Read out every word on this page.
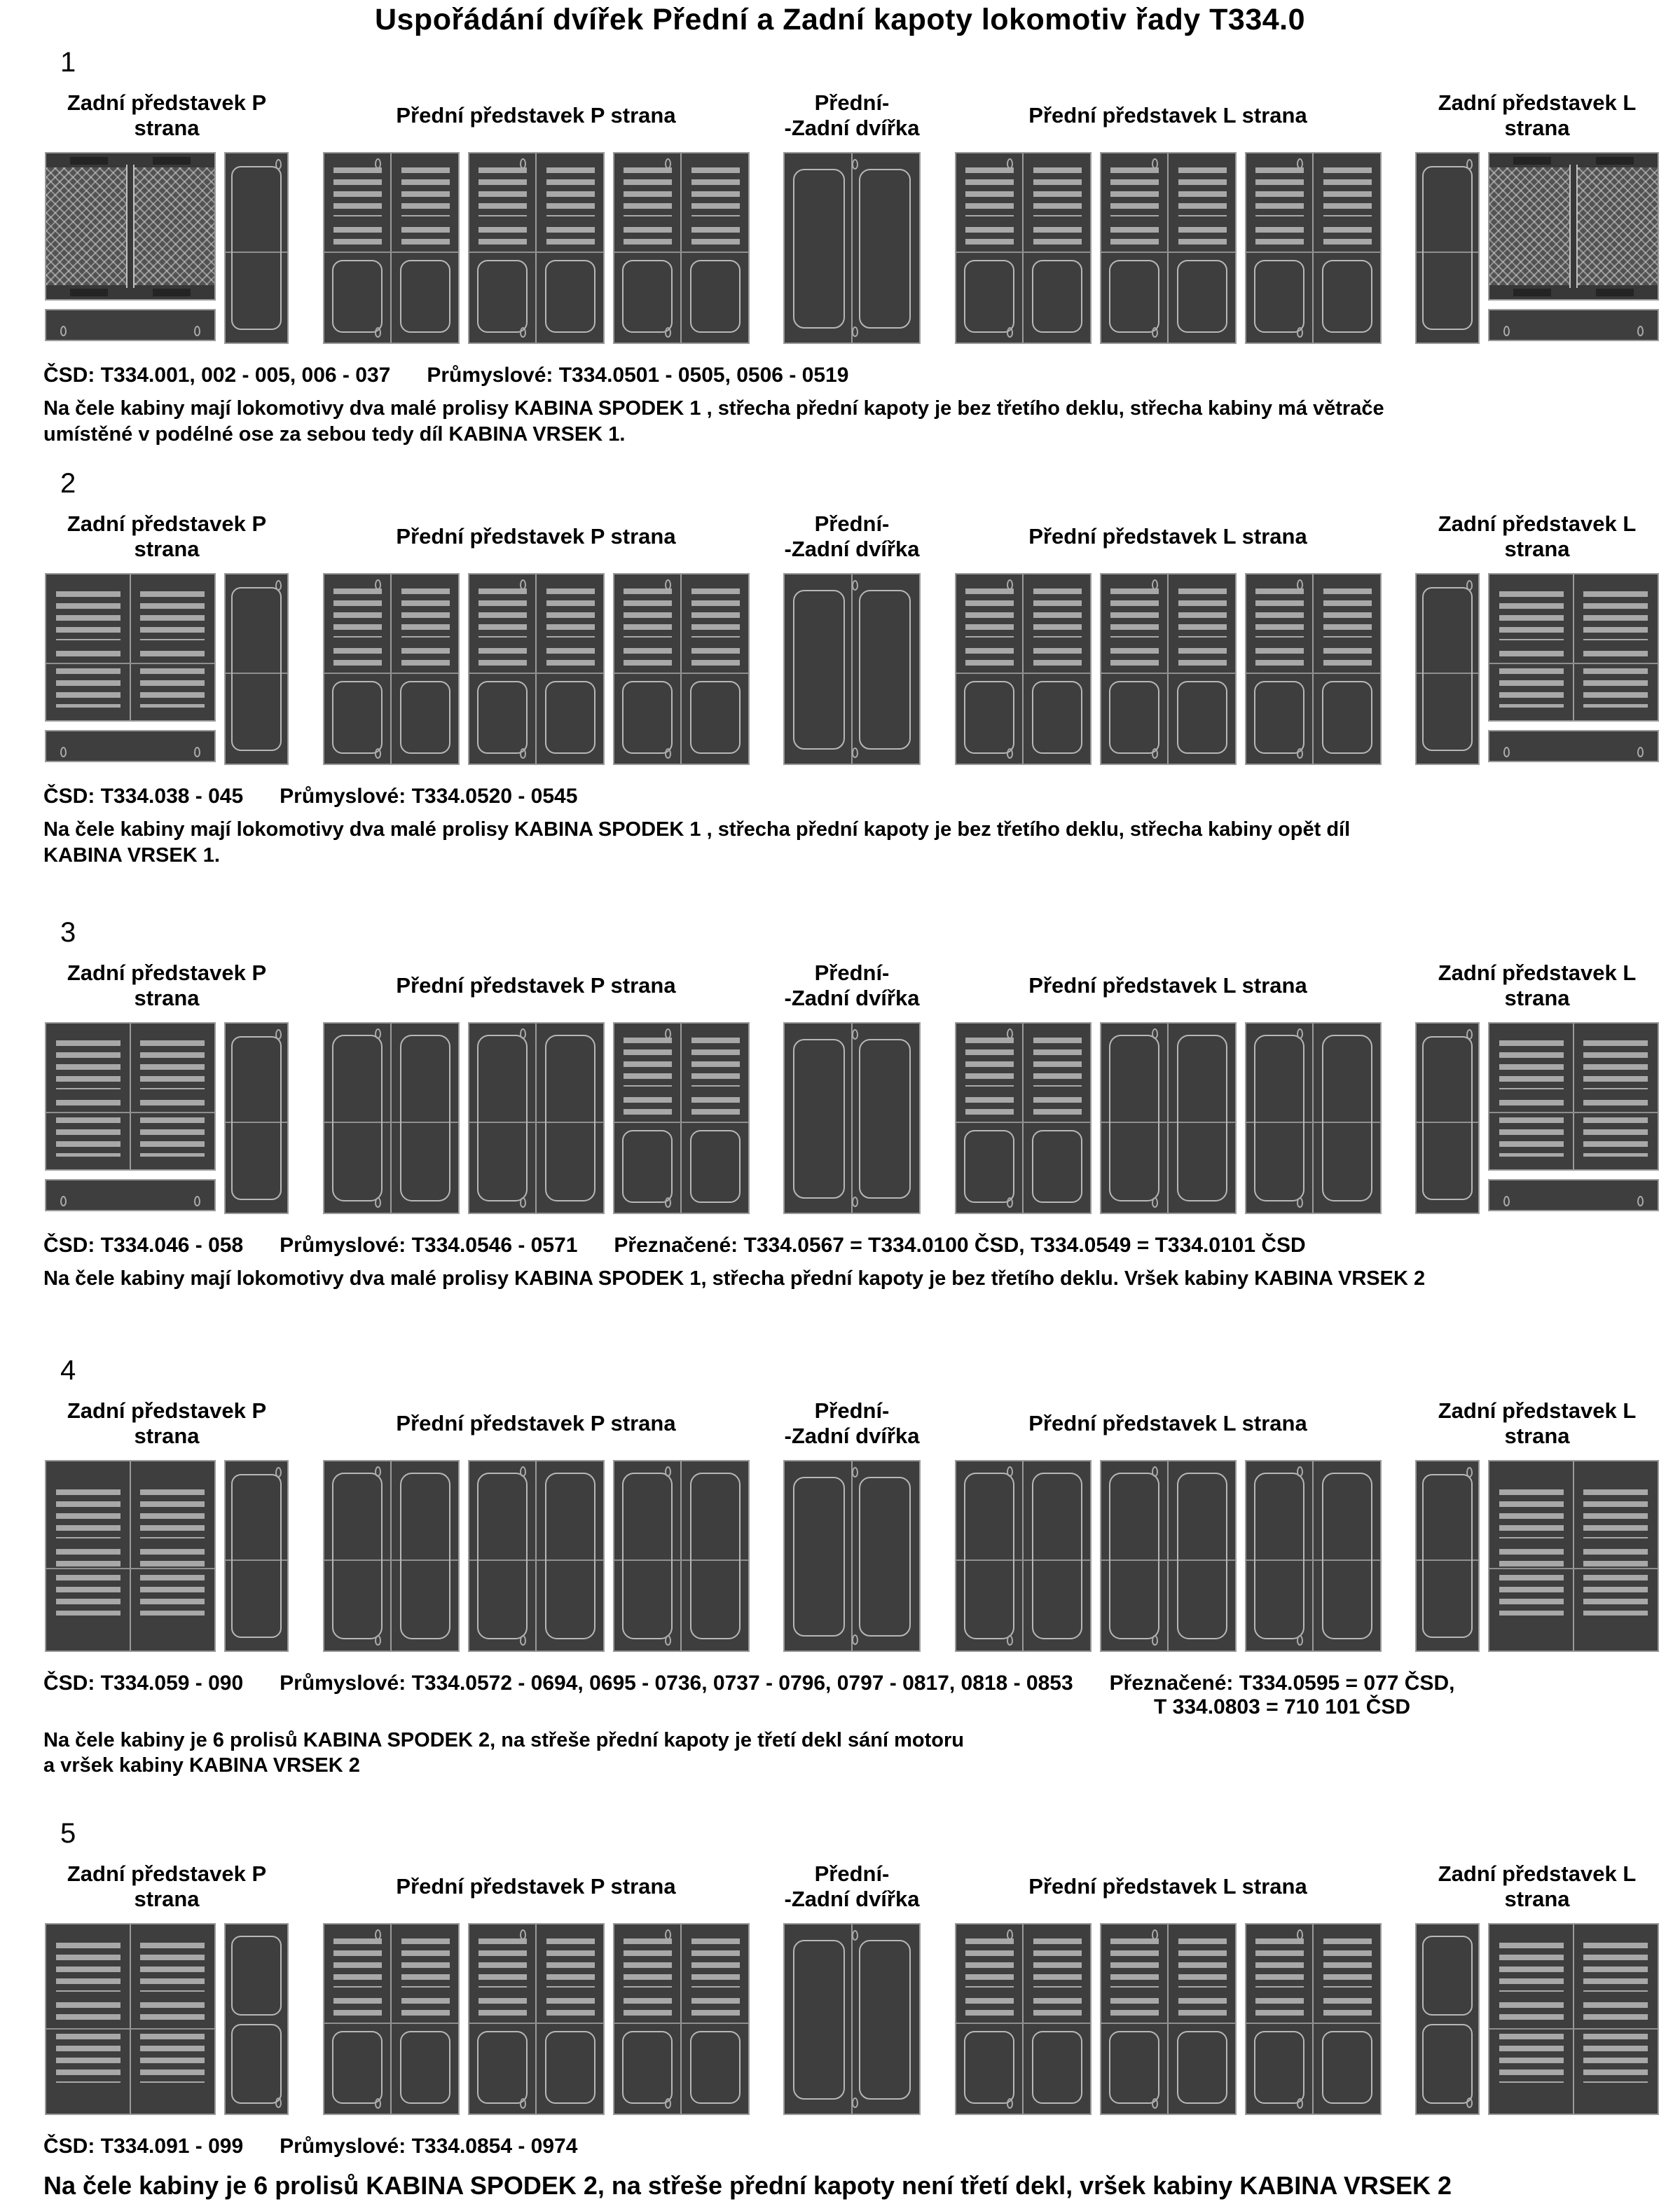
Uspořádání dvířek Přední a Zadní kapoty lokomotiv řady T334.0
1
Zadní představek P
strana
Přední představek P strana
Přední-
-Zadní dvířka
Přední představek L strana
Zadní představek L
strana
ČSD: T334.001, 002 - 005, 006 - 037 Průmyslové: T334.0501 - 0505, 0506 - 0519
Na čele kabiny mají lokomotivy dva malé prolisy KABINA SPODEK 1 , střecha přední kapoty je bez třetího deklu, střecha kabiny má větrače
umístěné v podélné ose za sebou tedy díl KABINA VRSEK 1.
2
Zadní představek P
strana
Přední představek P strana
Přední-
-Zadní dvířka
Přední představek L strana
Zadní představek L
strana
ČSD: T334.038 - 045 Průmyslové: T334.0520 - 0545
Na čele kabiny mají lokomotivy dva malé prolisy KABINA SPODEK 1 , střecha přední kapoty je bez třetího deklu, střecha kabiny opět díl
KABINA VRSEK 1.
3
Zadní představek P
strana
Přední představek P strana
Přední-
-Zadní dvířka
Přední představek L strana
Zadní představek L
strana
ČSD: T334.046 - 058 Průmyslové: T334.0546 - 0571 Přeznačené: T334.0567 = T334.0100 ČSD, T334.0549 = T334.0101 ČSD
Na čele kabiny mají lokomotivy dva malé prolisy KABINA SPODEK 1, střecha přední kapoty je bez třetího deklu. Vršek kabiny KABINA VRSEK 2
4
Zadní představek P
strana
Přední představek P strana
Přední-
-Zadní dvířka
Přední představek L strana
Zadní představek L
strana
ČSD: T334.059 - 090 Průmyslové: T334.0572 - 0694, 0695 - 0736, 0737 - 0796, 0797 - 0817, 0818 - 0853 Přeznačené: T334.0595 = 077 ČSD,
T 334.0803 = 710 101 ČSD
Na čele kabiny je 6 prolisů KABINA SPODEK 2, na střeše přední kapoty je třetí dekl sání motoru
a vršek kabiny KABINA VRSEK 2
5
Zadní představek P
strana
Přední představek P strana
Přední-
-Zadní dvířka
Přední představek L strana
Zadní představek L
strana
ČSD: T334.091 - 099 Průmyslové: T334.0854 - 0974
Na čele kabiny je 6 prolisů KABINA SPODEK 2, na střeše přední kapoty není třetí dekl, vršek kabiny KABINA VRSEK 2
